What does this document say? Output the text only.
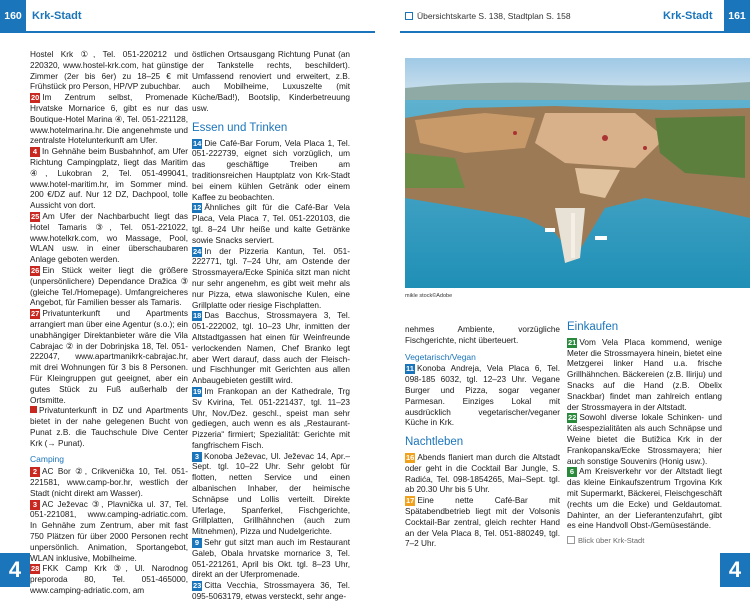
160 Krk-Stadt	Übersichtskarte S. 138, Stadtplan S. 158	Krk-Stadt	161

Hostel Krk ①, Tel. 051-220212 und 220320, www.hostel-krk.com, hat günstige Zimmer (2er bis 6er) zu 18–25 € mit Frühstück pro Person, HP/VP zubuchbar.

20 Im Zentrum selbst, Promenade Hrvatske Mornarice 6, gibt es nur das Boutique-Hotel Marina ④, Tel. 051-221128, www.hotelmarina.hr. Die angenehmste und zentralste Hotelunterkunft am Ufer.

4 In Gehnähe beim Busbahnhof, am Ufer Richtung Campingplatz, liegt das Maritim ④, Lukobran 2, Tel. 051-499041, www.hotel-maritim.hr, im Sommer mind. 200 €/DZ auf. Nur 12 DZ, Dachpool, tolle Aussicht von dort.

25 Am Ufer der Nachbarbucht liegt das Hotel Tamaris ③, Tel. 051-221022, www.hotelkrk.com, wo Massage, Pool, WLAN usw. in einer überschaubaren Anlage geboten werden.

26 Ein Stück weiter liegt die größere (unpersönlichere) Dependance Dražica ③ (gleiche Tel./Homepage). Umfangreicheres Angebot, für Familien besser als Tamaris.

27 Privatunterkunft und Apartments arrangiert man über eine Agentur (s.o.); ein unabhängiger Direktanbieter wäre die Vila Cabrajac ② in der Dobrinjska 18, Tel. 051-222047, www.apartmanikrk-cabrajac.hr, mit drei Wohnungen für 3 bis 8 Personen. Für Kleingruppen gut geeignet, aber ein gutes Stück zu Fuß außerhalb der Ortsmitte.

Privatunterkunft in DZ und Apartments bietet in der nahe gelegenen Bucht von Punat z.B. die Tauchschule Dive Center Krk (→ Punat).

Camping

2 AC Bor ②, Crikvenička 10, Tel. 051-221581, www.camp-bor.hr, westlich der Stadt (nicht direkt am Wasser).

3 AC Ježevac ③, Plavnička ul. 37, Tel. 051-221081, www.camping-adriatic.com. In Gehnähe zum Zentrum, aber mit fast 750 Plätzen für über 2000 Personen recht unpersönlich. Animation, Sportangebot, WLAN inklusive, Mobilheime.

28 FKK Camp Krk ③, Ul. Narodnog preporoda 80, Tel. 051-465000, www.camping-adriatic.com, am

östlichen Ortsausgang Richtung Punat (an der Tankstelle rechts, beschildert). Umfassend renoviert und erweitert, z.B. auch Mobilheime, Luxuszelte (mit Küche/Bad!), Bootslip, Kinderbetreuung usw.

Essen und Trinken

14 Die Café-Bar Forum, Vela Placa 1, Tel. 051-222739, eignet sich vorzüglich, um das geschäftige Treiben am traditionsreichen Hauptplatz von Krk-Stadt bei einem kühlen Getränk oder einem Kaffee zu beobachten.

12 Ähnliches gilt für die Café-Bar Vela Placa, Vela Placa 7, Tel. 051-220103, die tgl. 8–24 Uhr heiße und kalte Getränke sowie Snacks serviert.

24 In der Pizzeria Kantun, Tel. 051-222771, tgl. 7–24 Uhr, am Ostende der Strossmayera/Ecke Spinića sitzt man nicht nur sehr angenehm, es gibt weit mehr als nur Pizza, etwa slawonische Kulen, eine Grillplatte oder riesige Fischplatten.

18 Das Bacchus, Strossmayera 3, Tel. 051-222002, tgl. 10–23 Uhr, inmitten der Altstadtgassen hat einen für Weinfreunde verlockenden Namen, Chef Branko legt aber Wert darauf, dass auch der Fleisch- und Fischhunger mit Gerichten aus allen Anbaugebieten gestillt wird.

19 Im Frankopan an der Kathedrale, Trg Sv Kvirina, Tel. 051-221437, tgl. 11–23 Uhr, Nov./Dez. geschl., speist man sehr gediegen, auch wenn es als „Restaurant-Pizzeria“ firmiert; Spezialität: Gerichte mit fangfrischem Fisch.

3 Konoba Ježevac, Ul. Ježevac 14, Apr.–Sept. tgl. 10–22 Uhr. Sehr gelobt für flotten, netten Service und einen albanischen Inhaber, der heimische Schnäpse und Lollis verteilt. Direkte Uferlage, Spanferkel, Fischgerichte, Grillplatten, Grillhähnchen (auch zum Mitnehmen), Pizza und Nudelgerichte.

9 Sehr gut sitzt man auch im Restaurant Galeb, Obala hrvatske mornarice 3, Tel. 051-221261, April bis Okt. tgl. 8–23 Uhr, direkt an der Uferpromenade.

23 Citta Vecchia, Strossmayera 36, Tel. 095-5063179, etwas versteckt, sehr ange-

mikle stock©Adobe

nehmes Ambiente, vorzügliche Fischgerichte, nicht überteuert.

Vegetarisch/Vegan

11 Konoba Andreja, Vela Placa 6, Tel. 098-185 6032, tgl. 12–23 Uhr. Vegane Burger und Pizza, sogar veganer Parmesan. Einziges Lokal mit ausdrücklich vegetarischer/veganer Küche in Krk.

Nachtleben

16 Abends flaniert man durch die Altstadt oder geht in die Cocktail Bar Jungle, S. Radića, Tel. 098-1854265, Mai–Sept. tgl. ab 20.30 Uhr bis 5 Uhr.

17 Eine nette Café-Bar mit Spätabendbetrieb liegt mit der Volsonis Cocktail-Bar zentral, gleich rechter Hand an der Vela Placa 8, Tel. 051-880249, tgl. 7–2 Uhr.

Einkaufen

21 Vom Vela Placa kommend, wenige Meter die Strossmayera hinein, bietet eine Metzgerei linker Hand u.a. frische Grillhähnchen. Bäckereien (z.B. Iliriju) und Snacks auf die Hand (z.B. Obelix Snackbar) findet man zahlreich entlang der Strossmayera in der Altstadt.

22 Sowohl diverse lokale Schinken- und Käsespezialitäten als auch Schnäpse und Weine bietet die Butižica Krk in der Frankopanska/Ecke Strossmayera; hier auch sonstige Souvenirs (Honig usw.).

6 Am Kreisverkehr vor der Altstadt liegt das kleine Einkaufszentrum Trgovina Krk mit Supermarkt, Bäckerei, Fleischgeschäft (rechts um die Ecke) und Geldautomat. Dahinter, an der Lieferantenzufahrt, gibt es eine Handvoll Obst-/Gemüsestände.

Blick über Krk-Stadt
4	4
